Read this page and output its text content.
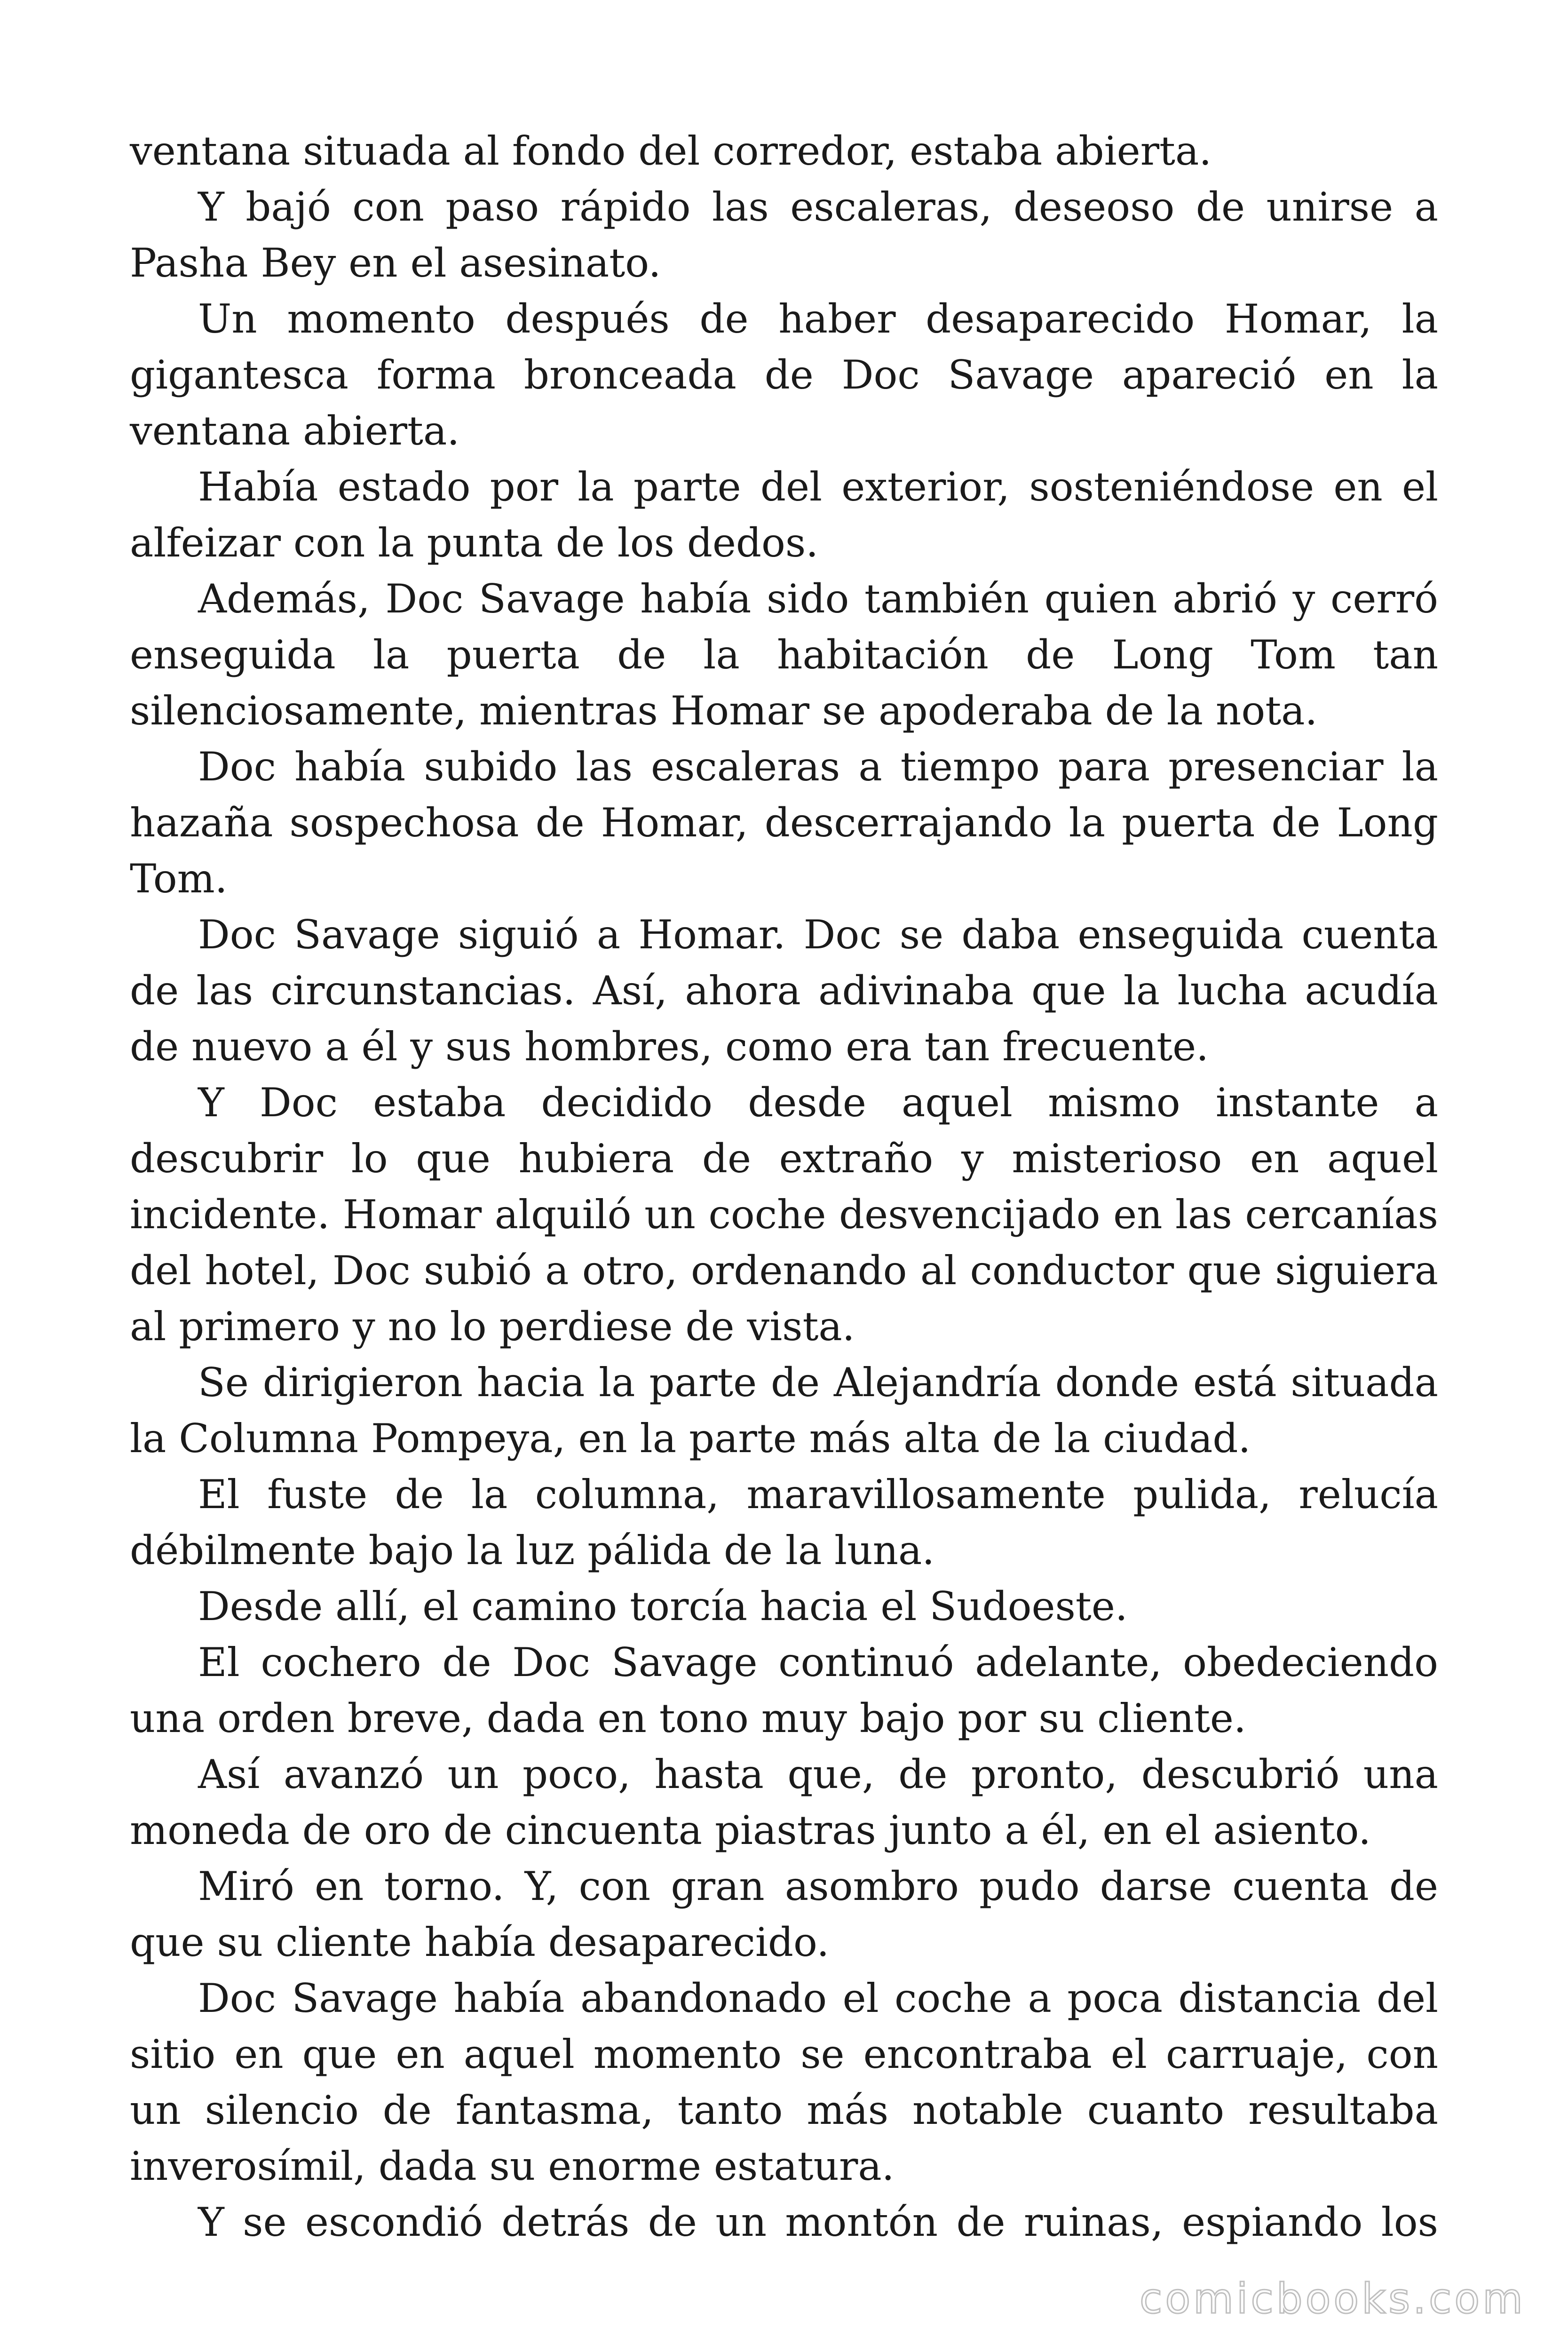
ventana situada al fondo del corredor, estaba abierta.

Y bajó con paso rápido las escaleras, deseoso de unirse a Pasha Bey en el asesinato.

Un momento después de haber desaparecido Homar, la gigantesca forma bronceada de Doc Savage apareció en la ventana abierta.

Había estado por la parte del exterior, sosteniéndose en el alfeizar con la punta de los dedos.

Además, Doc Savage había sido también quien abrió y cerró enseguida la puerta de la habitación de Long Tom tan silenciosamente, mientras Homar se apoderaba de la nota.

Doc había subido las escaleras a tiempo para presenciar la hazaña sospechosa de Homar, descerrajando la puerta de Long Tom.

Doc Savage siguió a Homar. Doc se daba enseguida cuenta de las circunstancias. Así, ahora adivinaba que la lucha acudía de nuevo a él y sus hombres, como era tan frecuente.

Y Doc estaba decidido desde aquel mismo instante a descubrir lo que hubiera de extraño y misterioso en aquel incidente. Homar alquiló un coche desvencijado en las cercanías del hotel, Doc subió a otro, ordenando al conductor que siguiera al primero y no lo perdiese de vista.

Se dirigieron hacia la parte de Alejandría donde está situada la Columna Pompeya, en la parte más alta de la ciudad.

El fuste de la columna, maravillosamente pulida, relucía débilmente bajo la luz pálida de la luna.

Desde allí, el camino torcía hacia el Sudoeste.

El cochero de Doc Savage continuó adelante, obedeciendo una orden breve, dada en tono muy bajo por su cliente.

Así avanzó un poco, hasta que, de pronto, descubrió una moneda de oro de cincuenta piastras junto a él, en el asiento.

Miró en torno. Y, con gran asombro pudo darse cuenta de que su cliente había desaparecido.

Doc Savage había abandonado el coche a poca distancia del sitio en que en aquel momento se encontraba el carruaje, con un silencio de fantasma, tanto más notable cuanto resultaba inverosímil, dada su enorme estatura.

Y se escondió detrás de un montón de ruinas, espiando los

comicbooks.com
